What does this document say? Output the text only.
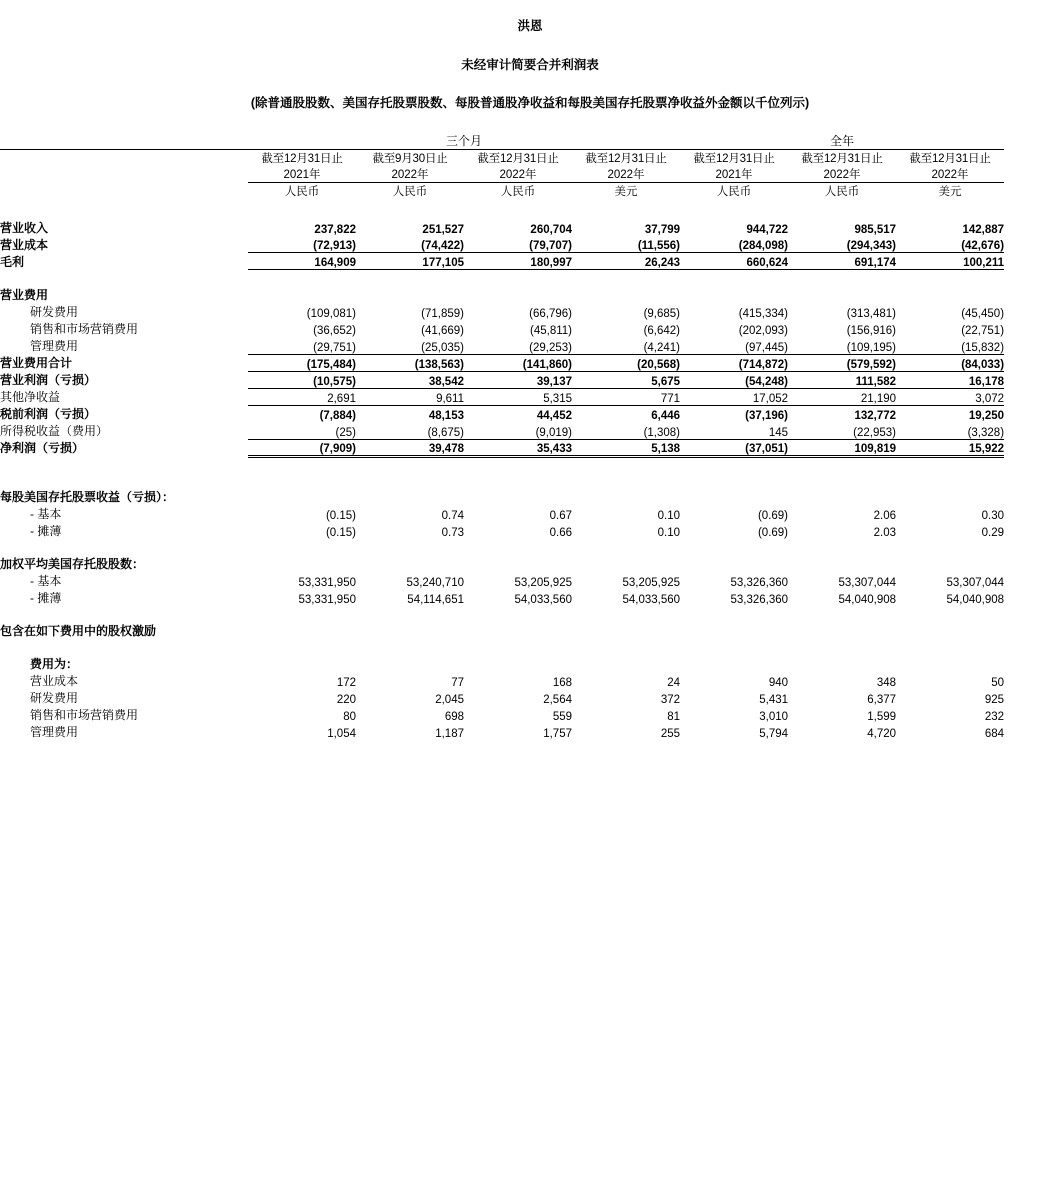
洪恩

未经审计简要合并利润表

(除普通股股数、美国存托股票股数、每股普通股净收益和每股美国存托股票净收益外金额以千位列示)

	三个月				全年		

	截至12月31日止	截至9月30日止	截至12月31日止	截至12月31日止	截至12月31日止	截至12月31日止	截至12月31日止
	2021年	2022年	2022年	2022年	2021年	2022年	2022年
	人民币	人民币	人民币	美元	人民币	人民币	美元

营业收入	237,822	251,527	260,704	37,799	944,722	985,517	142,887
营业成本	(72,913)	(74,422)	(79,707)	(11,556)	(284,098)	(294,343)	(42,676)
毛利	164,909	177,105	180,997	26,243	660,624	691,174	100,211

营业费用							
研发费用	(109,081)	(71,859)	(66,796)	(9,685)	(415,334)	(313,481)	(45,450)
销售和市场营销费用	(36,652)	(41,669)	(45,811)	(6,642)	(202,093)	(156,916)	(22,751)
管理费用	(29,751)	(25,035)	(29,253)	(4,241)	(97,445)	(109,195)	(15,832)
营业费用合计	(175,484)	(138,563)	(141,860)	(20,568)	(714,872)	(579,592)	(84,033)
营业利润（亏损）	(10,575)	38,542	39,137	5,675	(54,248)	111,582	16,178
其他净收益	2,691	9,611	5,315	771	17,052	21,190	3,072
税前利润（亏损）	(7,884)	48,153	44,452	6,446	(37,196)	132,772	19,250
所得税收益（费用）	(25)	(8,675)	(9,019)	(1,308)	145	(22,953)	(3,328)
净利润（亏损）	(7,909)	39,478	35,433	5,138	(37,051)	109,819	15,922

每股美国存托股票收益（亏损）：							
- 基本	(0.15)	0.74	0.67	0.10	(0.69)	2.06	0.30
- 摊薄	(0.15)	0.73	0.66	0.10	(0.69)	2.03	0.29

加权平均美国存托股股数：							
- 基本	53,331,950	53,240,710	53,205,925	53,205,925	53,326,360	53,307,044	53,307,044
- 摊薄	53,331,950	54,114,651	54,033,560	54,033,560	53,326,360	54,040,908	54,040,908

包含在如下费用中的股权激励							

费用为：							
营业成本	172	77	168	24	940	348	50
研发费用	220	2,045	2,564	372	5,431	6,377	925
销售和市场营销费用	80	698	559	81	3,010	1,599	232
管理费用	1,054	1,187	1,757	255	5,794	4,720	684
